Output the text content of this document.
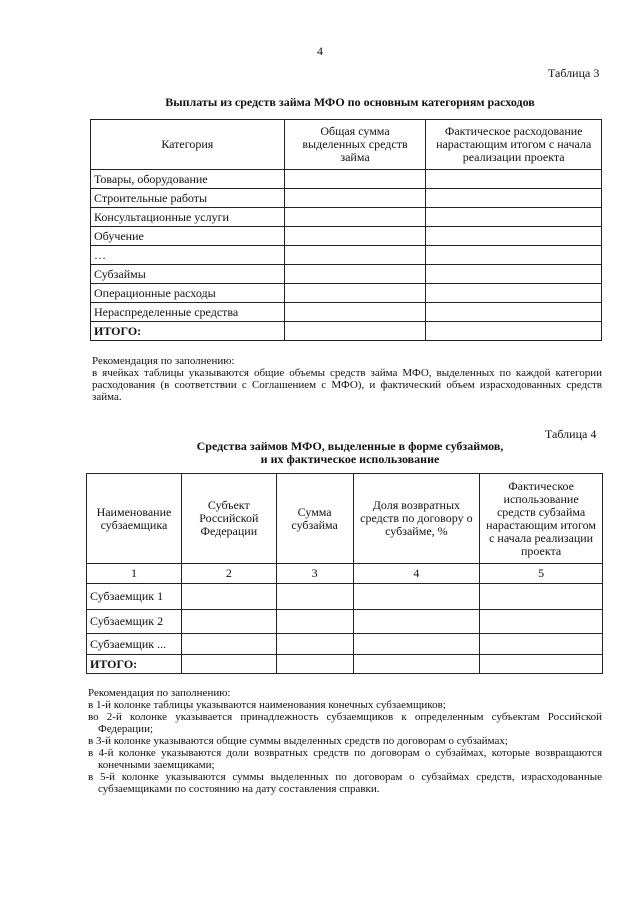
4
Таблица 3
Выплаты из средств займа МФО по основным категориям расходов
Категория	Общая сумма выделенных средств займа	Фактическое расходование нарастающим итогом с начала реализации проекта
Товары, оборудование		
Строительные работы		
Консультационные услуги		
Обучение		
…		
Субзаймы		
Операционные расходы		
Нераспределенные средства		
ИТОГО:		

Рекомендация по заполнению:

в ячейках таблицы указываются общие объемы средств займа МФО, выделенных по каждой категории расходования (в соответствии с Соглашением с МФО), и фактический объем израсходованных средств займа.

Таблица 4
Средства займов МФО, выделенные в форме субзаймов,
и их фактическое использование
Наименование субзаемщика	Субъект Российской Федерации	Сумма субзайма	Доля возвратных средств по договору о субзайме, %	Фактическое использование средств субзайма нарастающим итогом с начала реализации проекта
1	2	3	4	5
Субзаемщик 1				
Субзаемщик 2				
Субзаемщик ...				
ИТОГО:				

Рекомендация по заполнению:

в 1-й колонке таблицы указываются наименования конечных субзаемщиков;

во 2-й колонке указывается принадлежность субзаемщиков к определенным субъектам Российской Федерации;

в 3-й колонке указываются общие суммы выделенных средств по договорам о субзаймах;

в 4-й колонке указываются доли возвратных средств по договорам о субзаймах, которые возвращаются конечными заемщиками;

в 5-й колонке указываются суммы выделенных по договорам о субзаймах средств, израсходованные субзаемщиками по состоянию на дату составления справки.
